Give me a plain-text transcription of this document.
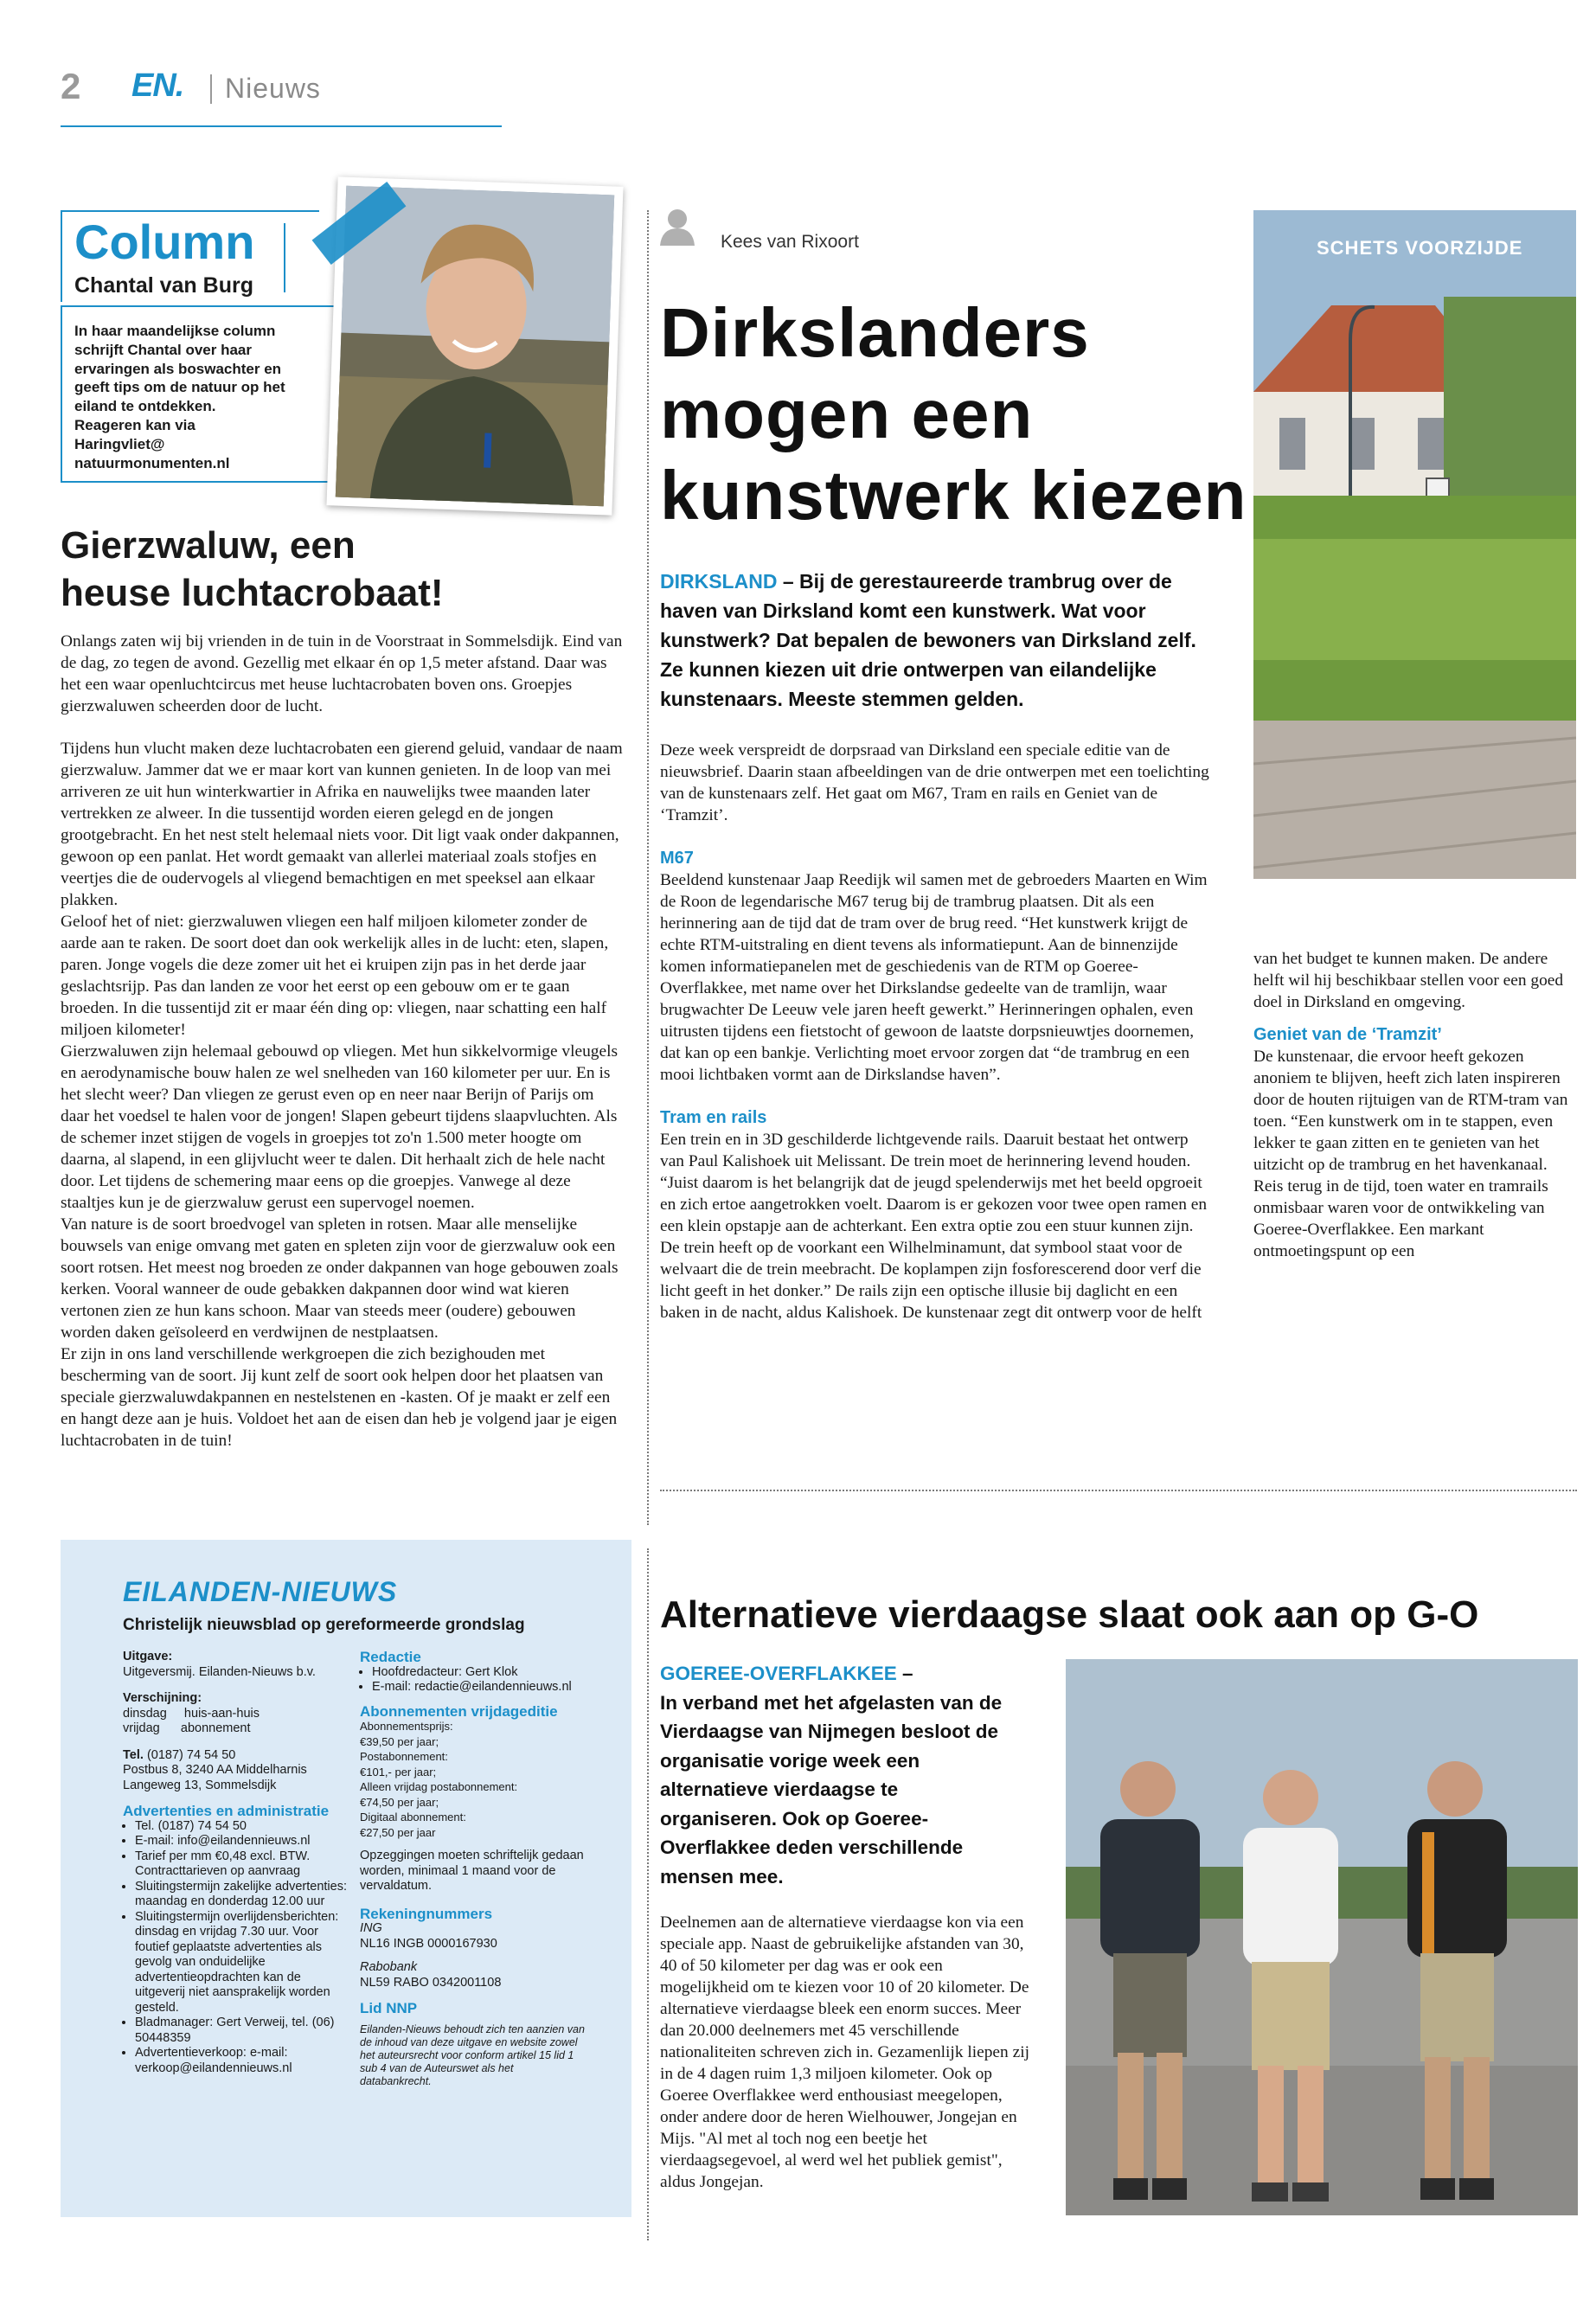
2 EN. Nieuws
Column
Chantal van Burg
In haar maandelijkse column schrijft Chantal over haar ervaringen als boswachter en geeft tips om de natuur op het eiland te ontdekken. Reageren kan via Haringvliet@ natuurmonumenten.nl
Gierzwaluw, een
heuse luchtacrobaat!

Onlangs zaten wij bij vrienden in de tuin in de Voorstraat in Sommelsdijk. Eind van de dag, zo tegen de avond. Gezellig met elkaar én op 1,5 meter afstand. Daar was het een waar openluchtcircus met heuse luchtacrobaten boven ons. Groepjes gierzwaluwen scheerden door de lucht.

Tijdens hun vlucht maken deze luchtacrobaten een gierend geluid, vandaar de naam gierzwaluw. Jammer dat we er maar kort van kunnen genieten. In de loop van mei arriveren ze uit hun winterkwartier in Afrika en nauwelijks twee maanden later vertrekken ze alweer. In die tussentijd worden eieren gelegd en de jongen grootgebracht. En het nest stelt helemaal niets voor. Dit ligt vaak onder dakpannen, gewoon op een panlat. Het wordt gemaakt van allerlei materiaal zoals stofjes en veertjes die de oudervogels al vliegend bemachtigen en met speeksel aan elkaar plakken.

Geloof het of niet: gierzwaluwen vliegen een half miljoen kilometer zonder de aarde aan te raken. De soort doet dan ook werkelijk alles in de lucht: eten, slapen, paren. Jonge vogels die deze zomer uit het ei kruipen zijn pas in het derde jaar geslachtsrijp. Pas dan landen ze voor het eerst op een gebouw om er te gaan broeden. In die tussentijd zit er maar één ding op: vliegen, naar schatting een half miljoen kilometer!

Gierzwaluwen zijn helemaal gebouwd op vliegen. Met hun sikkelvormige vleugels en aerodynamische bouw halen ze wel snelheden van 160 kilometer per uur. En is het slecht weer? Dan vliegen ze gerust even op en neer naar Berijn of Parijs om daar het voedsel te halen voor de jongen! Slapen gebeurt tijdens slaapvluchten. Als de schemer inzet stijgen de vogels in groepjes tot zo'n 1.500 meter hoogte om daarna, al slapend, in een glijvlucht weer te dalen. Dit herhaalt zich de hele nacht door. Let tijdens de schemering maar eens op die groepjes. Vanwege al deze staaltjes kun je de gierzwaluw gerust een supervogel noemen.

Van nature is de soort broedvogel van spleten in rotsen. Maar alle menselijke bouwsels van enige omvang met gaten en spleten zijn voor de gierzwaluw ook een soort rotsen. Het meest nog broeden ze onder dakpannen van hoge gebouwen zoals kerken. Vooral wanneer de oude gebakken dakpannen door wind wat kieren vertonen zien ze hun kans schoon. Maar van steeds meer (oudere) gebouwen worden daken geïsoleerd en verdwijnen de nestplaatsen.

Er zijn in ons land verschillende werkgroepen die zich bezighouden met bescherming van de soort. Jij kunt zelf de soort ook helpen door het plaatsen van speciale gierzwaluwdakpannen en nestelstenen en -kasten. Of je maakt er zelf een en hangt deze aan je huis. Voldoet het aan de eisen dan heb je volgend jaar je eigen luchtacrobaten in de tuin!

Kees van Rixoort
Dirkslanders
mogen een
kunstwerk kiezen
DIRKSLAND – Bij de gerestaureerde trambrug over de haven van Dirksland komt een kunstwerk. Wat voor kunstwerk? Dat bepalen de bewoners van Dirksland zelf. Ze kunnen kiezen uit drie ontwerpen van eilandelijke kunstenaars. Meeste stemmen gelden.

Deze week verspreidt de dorpsraad van Dirksland een speciale editie van de nieuwsbrief. Daarin staan afbeeldingen van de drie ontwerpen met een toelichting van de kunstenaars zelf. Het gaat om M67, Tram en rails en Geniet van de ‘Tramzit’.

M67

Beeldend kunstenaar Jaap Reedijk wil samen met de gebroeders Maarten en Wim de Roon de legendarische M67 terug bij de trambrug plaatsen. Dit als een herinnering aan de tijd dat de tram over de brug reed. “Het kunstwerk krijgt de echte RTM-uitstraling en dient tevens als informatiepunt. Aan de binnenzijde komen informatiepanelen met de geschiedenis van de RTM op Goeree-Overflakkee, met name over het Dirkslandse gedeelte van de tramlijn, waar brugwachter De Leeuw vele jaren heeft gewerkt.” Herinneringen ophalen, even uitrusten tijdens een fietstocht of gewoon de laatste dorpsnieuwtjes doornemen, dat kan op een bankje. Verlichting moet ervoor zorgen dat “de trambrug en een mooi lichtbaken vormt aan de Dirkslandse haven”.

Tram en rails

Een trein en in 3D geschilderde lichtgevende rails. Daaruit bestaat het ontwerp van Paul Kalishoek uit Melissant. De trein moet de herinnering levend houden. “Juist daarom is het belangrijk dat de jeugd spelenderwijs met het beeld opgroeit en zich ertoe aangetrokken voelt. Daarom is er gekozen voor twee open ramen en een klein opstapje aan de achterkant. Een extra optie zou een stuur kunnen zijn. De trein heeft op de voorkant een Wilhelminamunt, dat symbool staat voor de welvaart die de trein meebracht. De koplampen zijn fosforescerend door verf die licht geeft in het donker.” De rails zijn een optische illusie bij daglicht en een baken in de nacht, aldus Kalishoek. De kunstenaar zegt dit ontwerp voor de helft

SCHETS VOORZIJDE

van het budget te kunnen maken. De andere helft wil hij beschikbaar stellen voor een goed doel in Dirksland en omgeving.

Geniet van de ‘Tramzit’

De kunstenaar, die ervoor heeft gekozen anoniem te blijven, heeft zich laten inspireren door de houten rijtuigen van de RTM-tram van toen. “Een kunstwerk om in te stappen, even lekker te gaan zitten en te genieten van het uitzicht op de trambrug en het havenkanaal. Reis terug in de tijd, toen water en tramrails onmisbaar waren voor de ontwikkeling van Goeree-Overflakkee. Een markant ontmoetingspunt op een

EILANDEN-NIEUWS
Christelijk nieuwsblad op gereformeerde grondslag

Uitgave:

Uitgeversmij. Eilanden-Nieuws b.v.

Verschijning:

dinsdag     huis-aan-huis

vrijdag      abonnement

Tel. (0187) 74 54 50

Postbus 8, 3240 AA Middelharnis

Langeweg 13, Sommelsdijk

Advertenties en administratie

• Tel. (0187) 74 54 50
• E-mail: info@eilandennieuws.nl
• Tarief per mm €0,48 excl. BTW. Contracttarieven op aanvraag
• Sluitingstermijn zakelijke advertenties: maandag en donderdag 12.00 uur
• Sluitingstermijn overlijdensberichten: dinsdag en vrijdag 7.30 uur. Voor foutief geplaatste advertenties als gevolg van onduidelijke advertentieopdrachten kan de uitgeverij niet aansprakelijk worden gesteld.
• Bladmanager: Gert Verweij, tel. (06) 50448359
• Advertentieverkoop: e-mail: verkoop@eilandennieuws.nl

Redactie

• Hoofdredacteur: Gert Klok
• E-mail: redactie@eilandennieuws.nl

Abonnementen vrijdageditie

Abonnementsprijs:

€39,50 per jaar;

Postabonnement:

€101,- per jaar;

Alleen vrijdag postabonnement:

€74,50 per jaar;

Digitaal abonnement:

€27,50 per jaar

Opzeggingen moeten schriftelijk gedaan worden, minimaal 1 maand voor de vervaldatum.

Rekeningnummers

ING

NL16 INGB 0000167930

Rabobank

NL59 RABO 0342001108

Lid NNP

Eilanden-Nieuws behoudt zich ten aanzien van de inhoud van deze uitgave en website zowel het auteursrecht voor conform artikel 15 lid 1 sub 4 van de Auteurswet als het databankrecht.

Alternatieve vierdaagse slaat ook aan op G-O
GOEREE-OVERFLAKKEE –
In verband met het afgelasten van de Vierdaagse van Nijmegen besloot de organisatie vorige week een alternatieve vierdaagse te organiseren. Ook op Goeree-Overflakkee deden verschillende mensen mee.

Deelnemen aan de alternatieve vierdaagse kon via een speciale app. Naast de gebruikelijke afstanden van 30, 40 of 50 kilometer per dag was er ook een mogelijkheid om te kiezen voor 10 of 20 kilometer. De alternatieve vierdaagse bleek een enorm succes. Meer dan 20.000 deelnemers met 45 verschillende nationaliteiten schreven zich in. Gezamenlijk liepen zij in de 4 dagen ruim 1,3 miljoen kilometer. Ook op Goeree Overflakkee werd enthousiast meegelopen, onder andere door de heren Wielhouwer, Jongejan en Mijs. "Al met al toch nog een beetje het vierdaagsegevoel, al werd wel het publiek gemist", aldus Jongejan.
